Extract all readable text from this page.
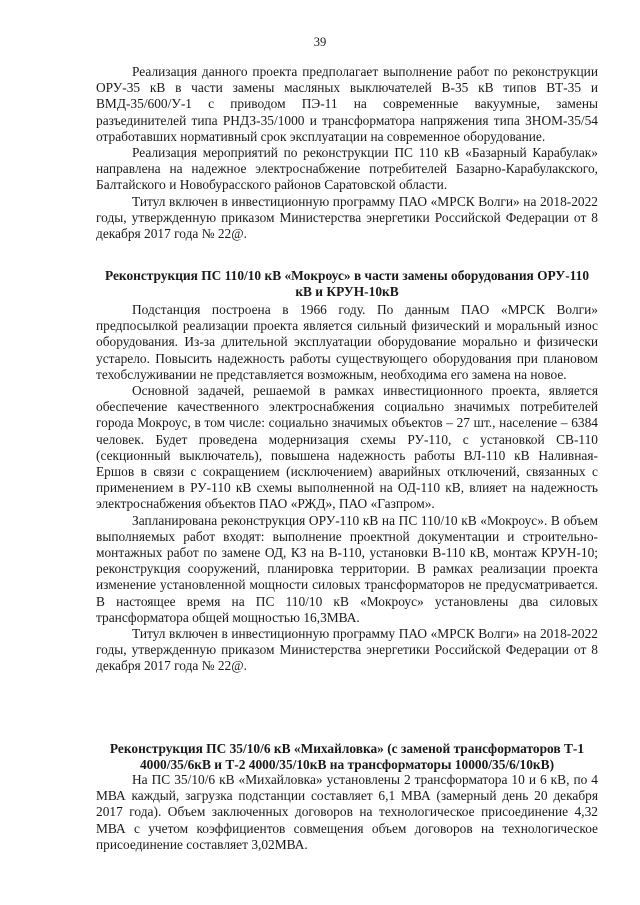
39

Реализация данного проекта предполагает выполнение работ по реконструкции ОРУ-35 кВ в части замены масляных выключателей В-35 кВ типов ВТ-35 и ВМД-35/600/У-1 с приводом ПЭ-11 на современные вакуумные, замены разъединителей типа РНДЗ-35/1000 и трансформатора напряжения типа ЗНОМ-35/54 отработавших нормативный срок эксплуатации на современное оборудование.

Реализация мероприятий по реконструкции ПС 110 кВ «Базарный Карабулак» направлена на надежное электроснабжение потребителей Базарно-Карабулакского, Балтайского и Новобурасского районов Саратовской области.

Титул включен в инвестиционную программу ПАО «МРСК Волги» на 2018-2022 годы, утвержденную приказом Министерства энергетики Российской Федерации от 8 декабря 2017 года № 22@.

Реконструкция ПС 110/10 кВ «Мокроус» в части замены оборудования ОРУ-110 кВ и КРУН-10кВ

Подстанция построена в 1966 году. По данным ПАО «МРСК Волги» предпосылкой реализации проекта является сильный физический и моральный износ оборудования. Из-за длительной эксплуатации оборудование морально и физически устарело. Повысить надежность работы существующего оборудования при плановом техобслуживании не представляется возможным, необходима его замена на новое.

Основной задачей, решаемой в рамках инвестиционного проекта, является обеспечение качественного электроснабжения социально значимых потребителей города Мокроус, в том числе: социально значимых объектов – 27 шт., население – 6384 человек. Будет проведена модернизация схемы РУ-110, с установкой СВ-110 (секционный выключатель), повышена надежность работы ВЛ-110 кВ Наливная-Ершов в связи с сокращением (исключением) аварийных отключений, связанных с применением в РУ-110 кВ схемы выполненной на ОД-110 кВ, влияет на надежность электроснабжения объектов ПАО «РЖД», ПАО «Газпром».

Запланирована реконструкция ОРУ-110 кВ на ПС 110/10 кВ «Мокроус». В объем выполняемых работ входят: выполнение проектной документации и строительно-монтажных работ по замене ОД, КЗ на В-110, установки В-110 кВ, монтаж КРУН-10; реконструкция сооружений, планировка территории. В рамках реализации проекта изменение установленной мощности силовых трансформаторов не предусматривается. В настоящее время на ПС 110/10 кВ «Мокроус» установлены два силовых трансформатора общей мощностью 16,3МВА.

Титул включен в инвестиционную программу ПАО «МРСК Волги» на 2018-2022 годы, утвержденную приказом Министерства энергетики Российской Федерации от 8 декабря 2017 года № 22@.

Реконструкция ПС 35/10/6 кВ «Михайловка» (с заменой трансформаторов Т-1 4000/35/6кВ и Т-2 4000/35/10кВ на трансформаторы 10000/35/6/10кВ)

На ПС 35/10/6 кВ «Михайловка» установлены 2 трансформатора 10 и 6 кВ, по 4 МВА каждый, загрузка подстанции составляет 6,1 МВА (замерный день 20 декабря 2017 года). Объем заключенных договоров на технологическое присоединение 4,32 МВА с учетом коэффициентов совмещения объем договоров на технологическое присоединение составляет 3,02МВА.
